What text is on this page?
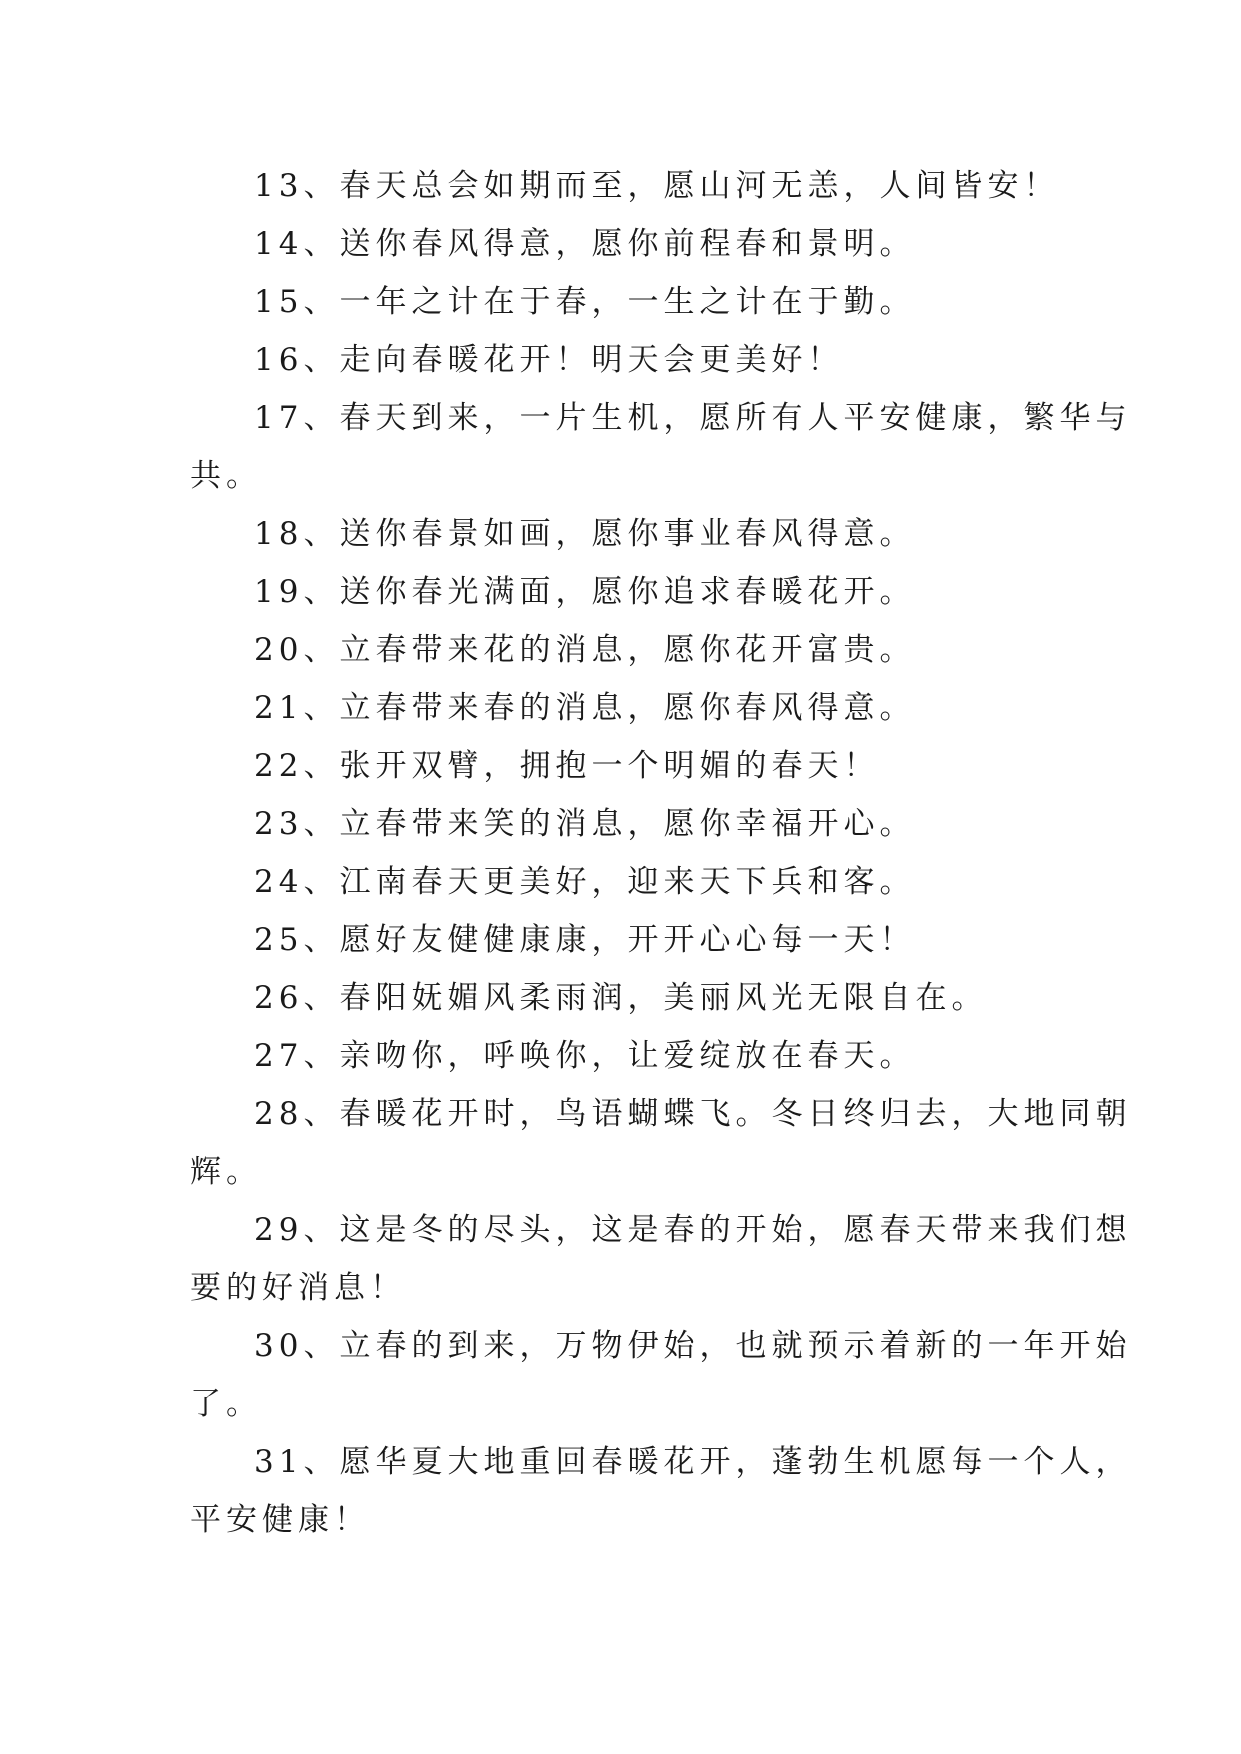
13、春天总会如期而至，愿山河无恙，人间皆安！

14、送你春风得意，愿你前程春和景明。

15、一年之计在于春，一生之计在于勤。

16、走向春暖花开！明天会更美好！

17、春天到来，一片生机，愿所有人平安健康，繁华与
共。

18、送你春景如画，愿你事业春风得意。

19、送你春光满面，愿你追求春暖花开。

20、立春带来花的消息，愿你花开富贵。

21、立春带来春的消息，愿你春风得意。

22、张开双臂，拥抱一个明媚的春天！

23、立春带来笑的消息，愿你幸福开心。

24、江南春天更美好，迎来天下兵和客。

25、愿好友健健康康，开开心心每一天！

26、春阳妩媚风柔雨润，美丽风光无限自在。

27、亲吻你，呼唤你，让爱绽放在春天。

28、春暖花开时，鸟语蝴蝶飞。冬日终归去，大地同朝
辉。

29、这是冬的尽头，这是春的开始，愿春天带来我们想
要的好消息！

30、立春的到来，万物伊始，也就预示着新的一年开始
了。

31、愿华夏大地重回春暖花开，蓬勃生机愿每一个人，
平安健康！
